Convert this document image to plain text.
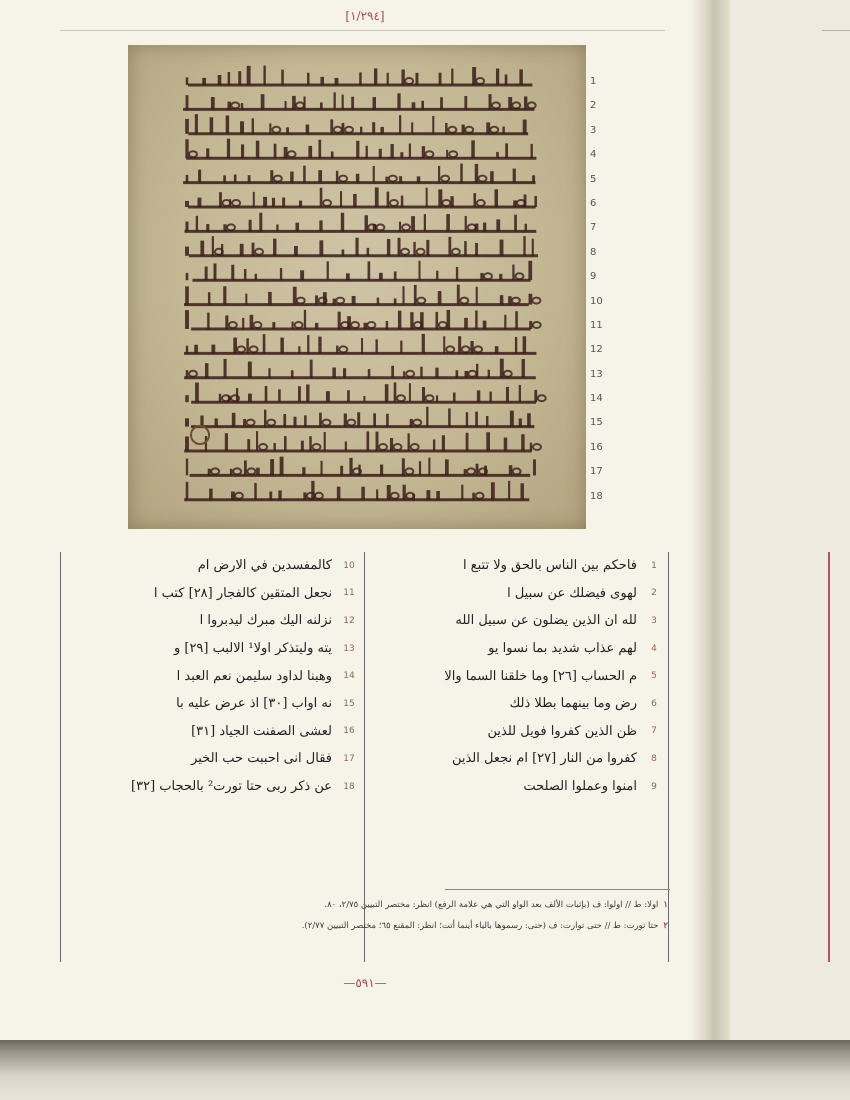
[١/٢٩٤]
1
2
3
4
5
6
7
8
9
10
11
12
13
14
15
16
17
18
1
فاحكم بين الناس بالحق ولا تتبع ا
2
لهوى فيضلك عن سبيل ا
3
لله ان الذين يضلون عن سبيل الله
4
لهم عذاب شديد بما نسوا يو
5
م الحساب [٢٦] وما خلقنا السما والا
6
رض وما بينهما بطلا ذلك
7
ظن الذين كفروا فويل للذين
8
كفروا من النار [٢٧] ام نجعل الذين
9
امنوا وعملوا الصلحت
10
كالمفسدين في الارض ام
11
نجعل المتقين كالفجار [٢٨] كتب ا
12
نزلنه اليك مبرك ليدبروا ا
13
يته وليتذكر اولا¹ الالبب [٢٩] و
14
وهبنا لداود سليمن نعم العبد ا
15
نه اواب [٣٠] اذ عرض عليه با
16
لعشى الصفنت الجياد [٣١]
17
فقال انى احببت حب الخير
18
عن ذكر ربى حتا تورت² بالحجاب [٣٢]
١اولا: ط // اولوا: ف (بإثبات الألف بعد الواو التي هي علامة الرفع) انظر: مختصر التبيين ٢/٧٥، ٨٠.
٢حتا تورت: ط // حتى توارت: ف (حتى: رسموها بالياء أينما أتت؛ انظر: المقنع ٦٥؛ مختصر التبيين ٢/٧٧).
—٥٩١—
